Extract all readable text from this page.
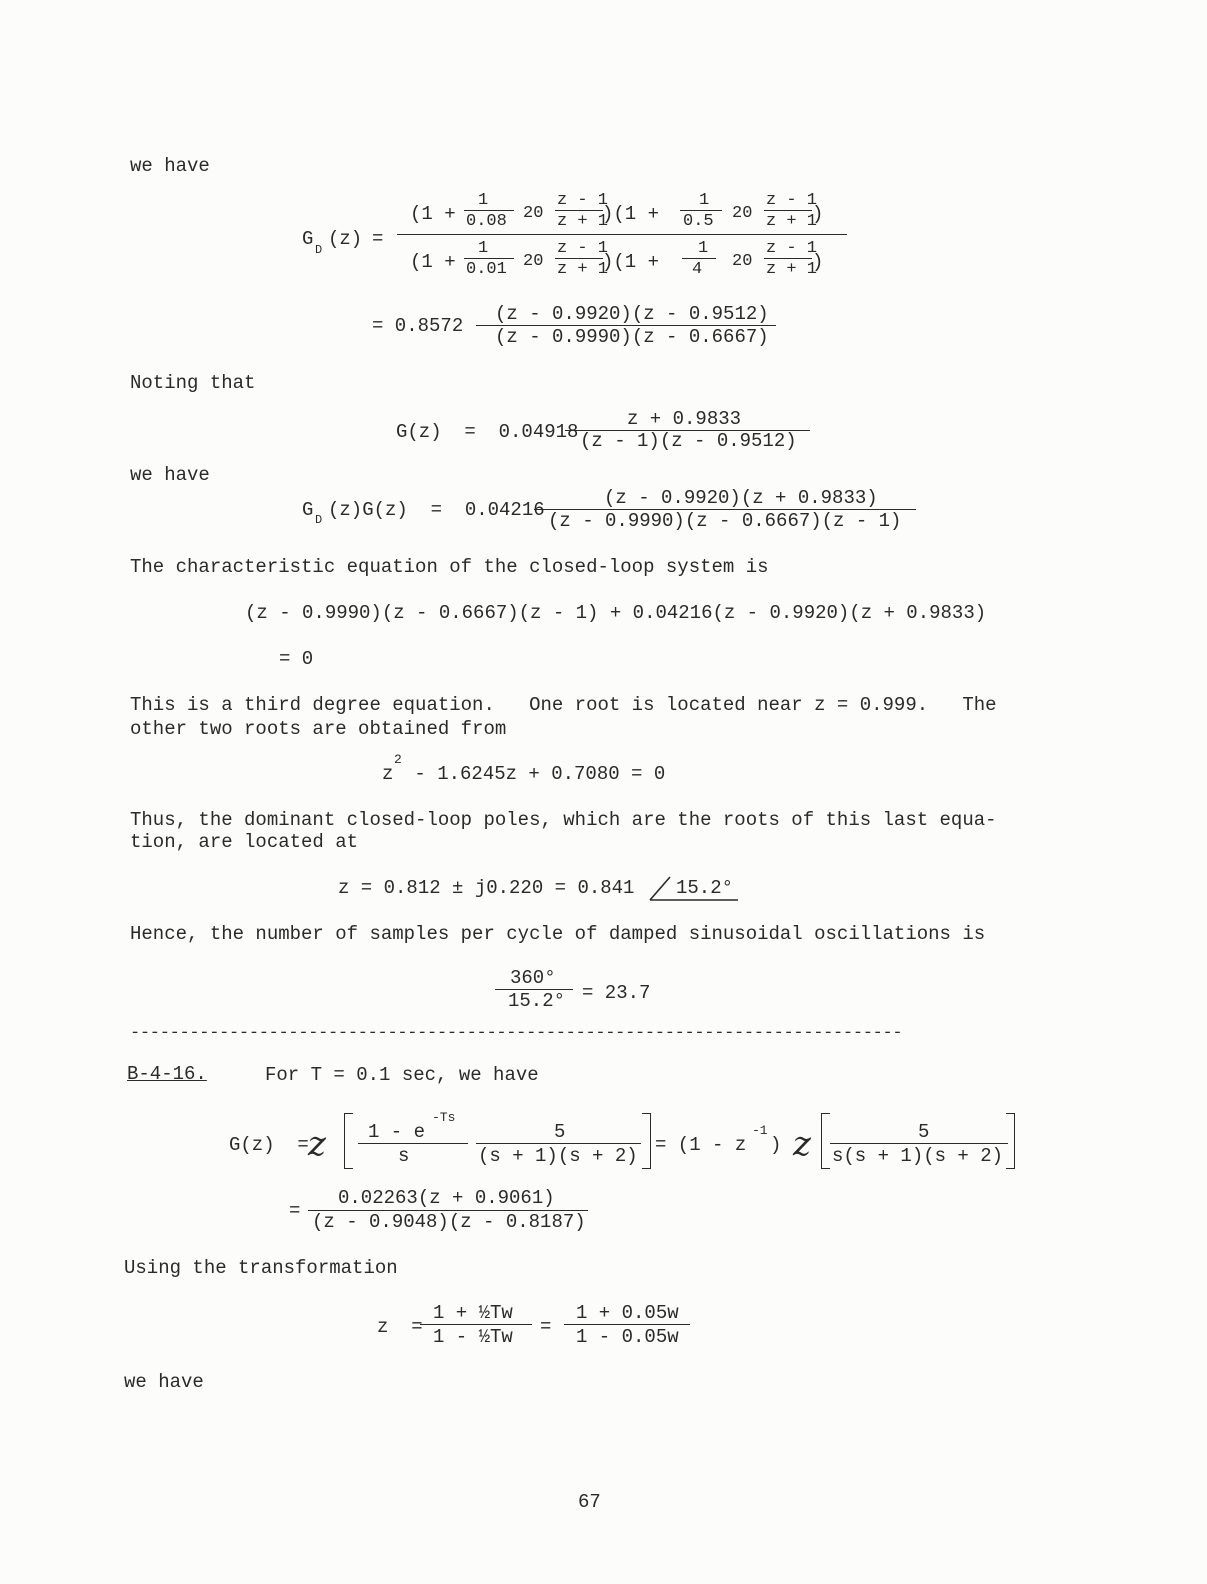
we have
G D (z) =
(1 +
1
0.08 20
z - 1
z + 1
)(1 +
1
0.5 20
z - 1
z + 1
)
(1 +
1
0.01 20
z - 1
z + 1
)(1 +
1
4 20
z - 1
z + 1
)
= 0.8572
(z - 0.9920)(z - 0.9512)
(z - 0.9990)(z - 0.6667)
Noting that
G(z)  =  0.04918
z + 0.9833
(z - 1)(z - 0.9512)
we have
G D (z)G(z)  =  0.04216
(z - 0.9920)(z + 0.9833)
(z - 0.9990)(z - 0.6667)(z - 1)
The characteristic equation of the closed-loop system is
(z - 0.9990)(z - 0.6667)(z - 1) + 0.04216(z - 0.9920)(z + 0.9833)
= 0
This is a third degree equation.   One root is located near z = 0.999.   The
other two roots are obtained from
z
2
- 1.6245z + 0.7080 = 0
Thus, the dominant closed-loop poles, which are the roots of this last equa-
tion, are located at
z = 0.812 ± j0.220 = 0.841 15.2°
Hence, the number of samples per cycle of damped sinusoidal oscillations is
360°
15.2° = 23.7
------------------------------------------------------------------------------
B-4-16.	For T = 0.1 sec, we have
G(z)  = z 1 - e
-Ts
s
5
(s + 1)(s + 2) = (1 - z
-1
) z	5
s(s + 1)(s + 2)
=
0.02263(z + 0.9061)
(z - 0.9048)(z - 0.8187)
Using the transformation
z  =
1 + ½Tw
1 - ½Tw =
1 + 0.05w
1 - 0.05w
we have
67
